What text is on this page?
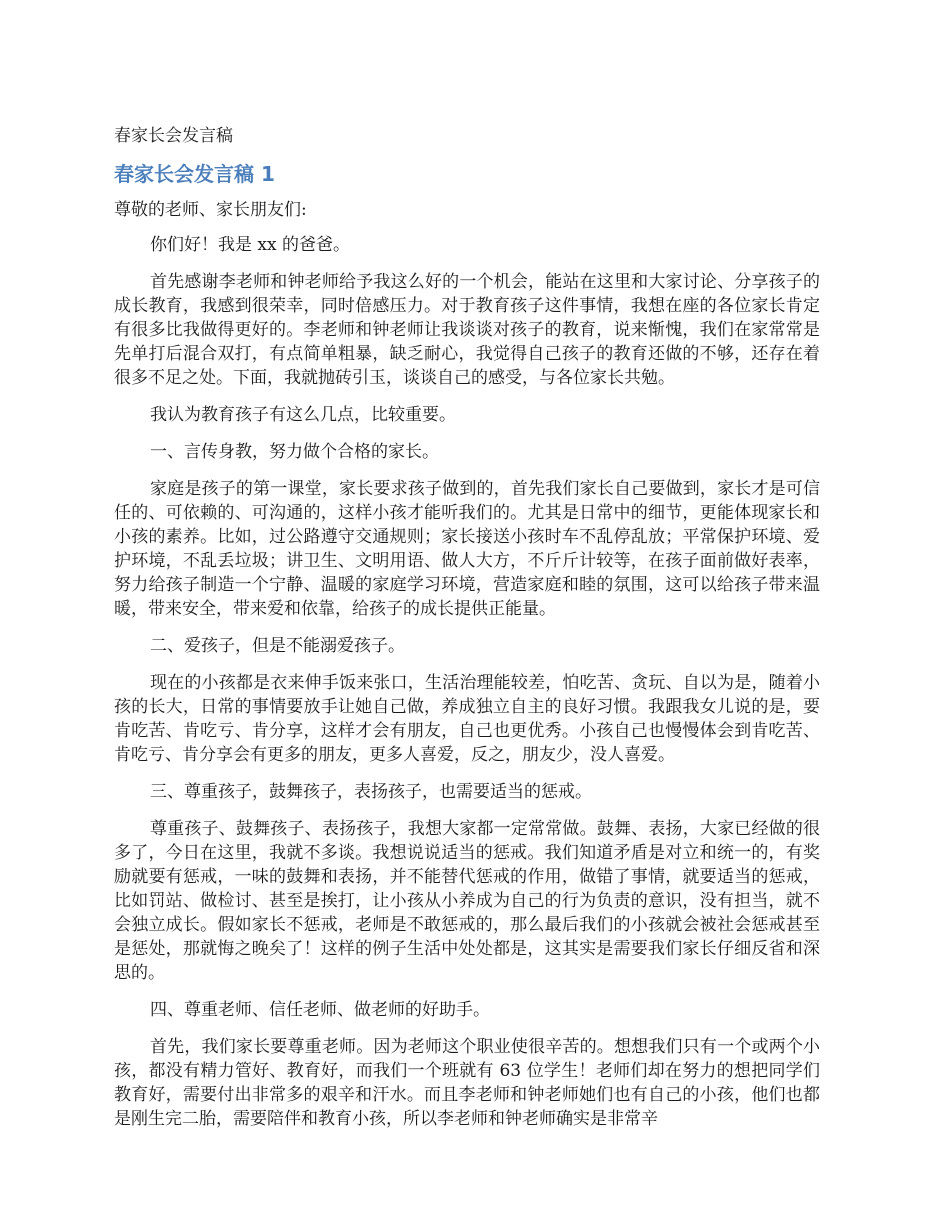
春家长会发言稿
春家长会发言稿 1
尊敬的老师、家长朋友们:

你们好！我是 xx 的爸爸。

首先感谢李老师和钟老师给予我这么好的一个机会，能站在这里和大家讨论、分享孩子的成长教育，我感到很荣幸，同时倍感压力。对于教育孩子这件事情，我想在座的各位家长肯定有很多比我做得更好的。李老师和钟老师让我谈谈对孩子的教育，说来惭愧，我们在家常常是先单打后混合双打，有点简单粗暴，缺乏耐心，我觉得自己孩子的教育还做的不够，还存在着很多不足之处。下面，我就抛砖引玉，谈谈自己的感受，与各位家长共勉。

我认为教育孩子有这么几点，比较重要。

一、言传身教，努力做个合格的家长。

家庭是孩子的第一课堂，家长要求孩子做到的，首先我们家长自己要做到，家长才是可信任的、可依赖的、可沟通的，这样小孩才能听我们的。尤其是日常中的细节，更能体现家长和小孩的素养。比如，过公路遵守交通规则；家长接送小孩时车不乱停乱放；平常保护环境、爱护环境，不乱丢垃圾；讲卫生、文明用语、做人大方，不斤斤计较等，在孩子面前做好表率，努力给孩子制造一个宁静、温暖的家庭学习环境，营造家庭和睦的氛围，这可以给孩子带来温暖，带来安全，带来爱和依靠，给孩子的成长提供正能量。

二、爱孩子，但是不能溺爱孩子。

现在的小孩都是衣来伸手饭来张口，生活治理能较差，怕吃苦、贪玩、自以为是，随着小孩的长大，日常的事情要放手让她自己做，养成独立自主的良好习惯。我跟我女儿说的是，要肯吃苦、肯吃亏、肯分享，这样才会有朋友，自己也更优秀。小孩自己也慢慢体会到肯吃苦、肯吃亏、肯分享会有更多的朋友，更多人喜爱，反之，朋友少，没人喜爱。

三、尊重孩子，鼓舞孩子，表扬孩子，也需要适当的惩戒。

尊重孩子、鼓舞孩子、表扬孩子，我想大家都一定常常做。鼓舞、表扬，大家已经做的很多了，今日在这里，我就不多谈。我想说说适当的惩戒。我们知道矛盾是对立和统一的，有奖励就要有惩戒，一味的鼓舞和表扬，并不能替代惩戒的作用，做错了事情，就要适当的惩戒，比如罚站、做检讨、甚至是挨打，让小孩从小养成为自己的行为负责的意识，没有担当，就不会独立成长。假如家长不惩戒，老师是不敢惩戒的，那么最后我们的小孩就会被社会惩戒甚至是惩处，那就悔之晚矣了！这样的例子生活中处处都是，这其实是需要我们家长仔细反省和深思的。

四、尊重老师、信任老师、做老师的好助手。

首先，我们家长要尊重老师。因为老师这个职业使很辛苦的。想想我们只有一个或两个小孩，都没有精力管好、教育好，而我们一个班就有 63 位学生！老师们却在努力的想把同学们教育好，需要付出非常多的艰辛和汗水。而且李老师和钟老师她们也有自己的小孩，他们也都是刚生完二胎，需要陪伴和教育小孩，所以李老师和钟老师确实是非常辛
